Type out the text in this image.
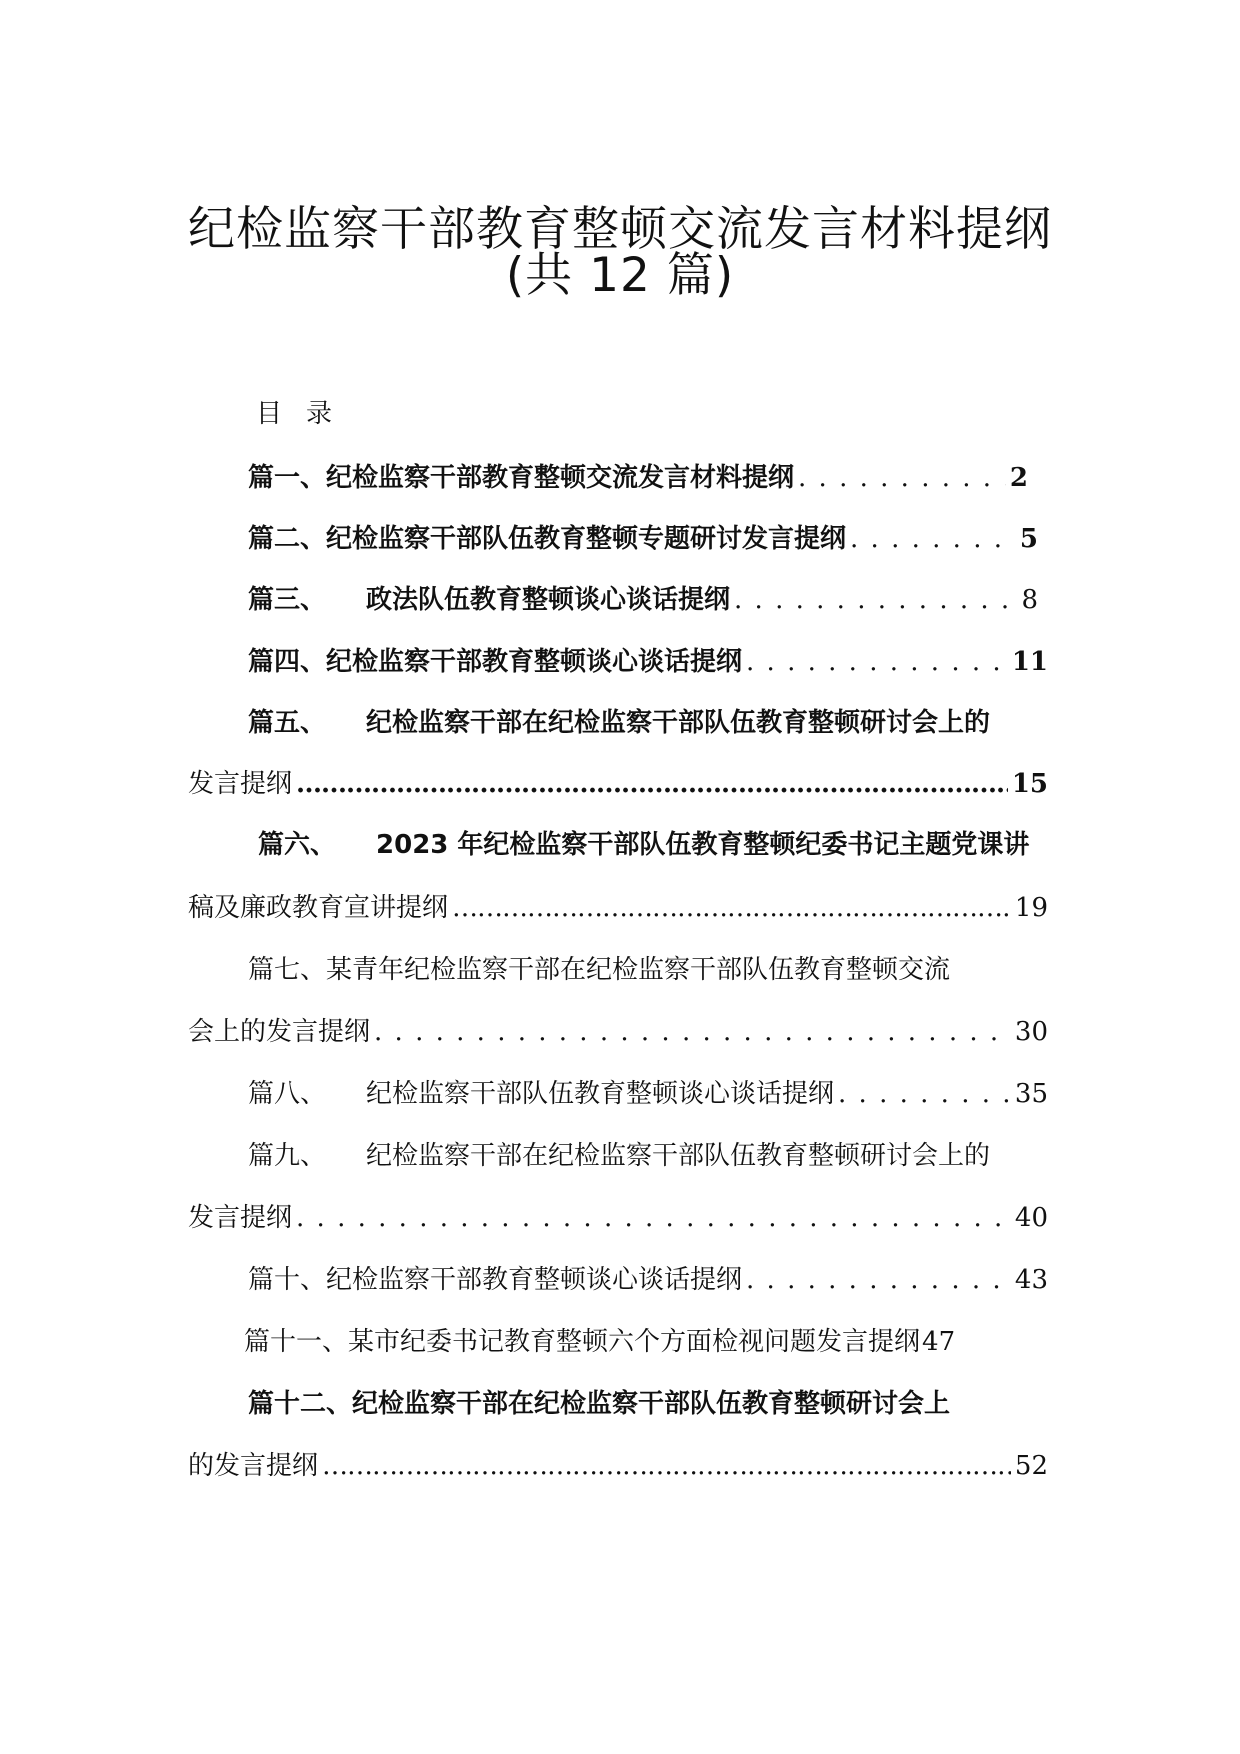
纪检监察干部教育整顿交流发言材料提纲
(共 12 篇)
目录
篇一、 纪检监察干部教育整顿交流发言材料提纲 . . .	2
篇二、 纪检监察干部队伍教育整顿专题研讨发言提纲 . . .	5
篇三、 政法队伍教育整顿谈心谈话提纲 . . .	8
篇四、 纪检监察干部教育整顿谈心谈话提纲 . . .	11
篇五、 纪检监察干部在纪检监察干部队伍教育整顿研讨会上的
发言提纲 …………………………………………………………………………………………………………………………………………………………………………………………………	15
篇六、 2023 年纪检监察干部队伍教育整顿纪委书记主题党课讲
稿及廉政教育宣讲提纲 …………………………………………………………………………………………………………………………………………………………………………………………………	19
篇七、 某青年纪检监察干部在纪检监察干部队伍教育整顿交流
会上的发言提纲 . . .	30
篇八、 纪检监察干部队伍教育整顿谈心谈话提纲 . . .	35
篇九、 纪检监察干部在纪检监察干部队伍教育整顿研讨会上的
发言提纲 . . .	40
篇十、 纪检监察干部教育整顿谈心谈话提纲 . . .	43
篇十一、 某市纪委书记教育整顿六个方面检视问题发言提纲 47
篇十二、 纪检监察干部在纪检监察干部队伍教育整顿研讨会上
的发言提纲 …………………………………………………………………………………………………………………………………………………………………………………………………	52
